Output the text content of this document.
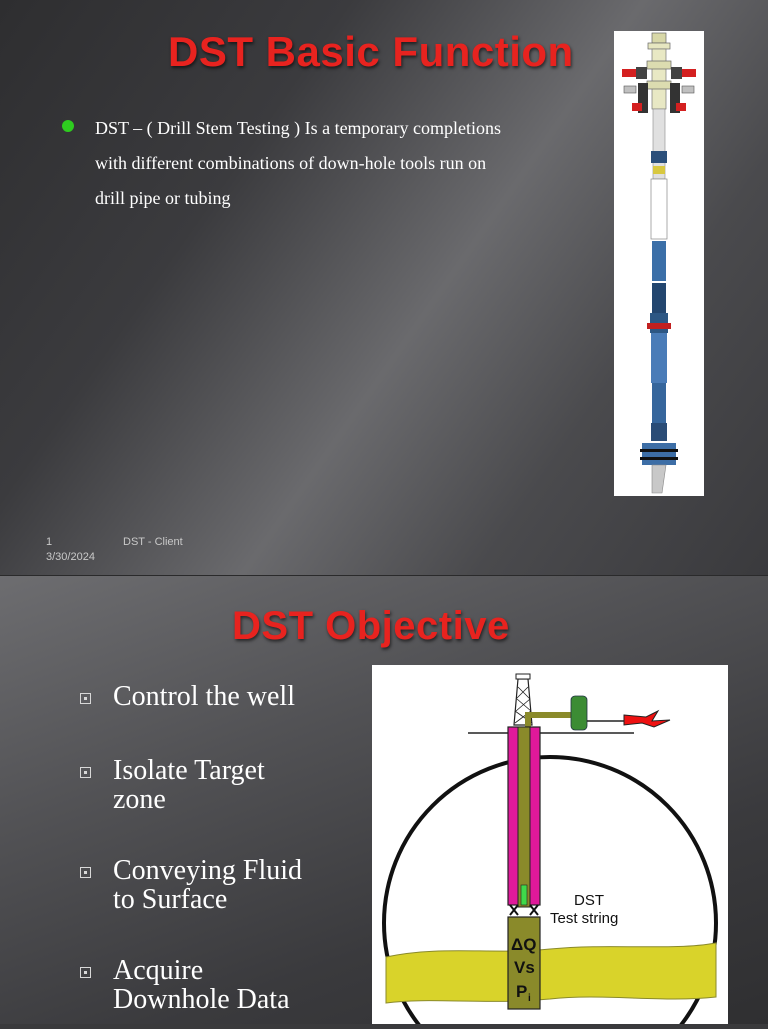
DST Basic Function
DST – ( Drill Stem Testing ) Is a temporary completions
with different combinations of down-hole tools run on
drill pipe or tubing
1	DST - Client
3/30/2024
DST Objective
Control the well
Isolate Target
zone
Conveying Fluid
to Surface
Acquire
Downhole Data
DST
Test string
ΔQ
Vs
P i
